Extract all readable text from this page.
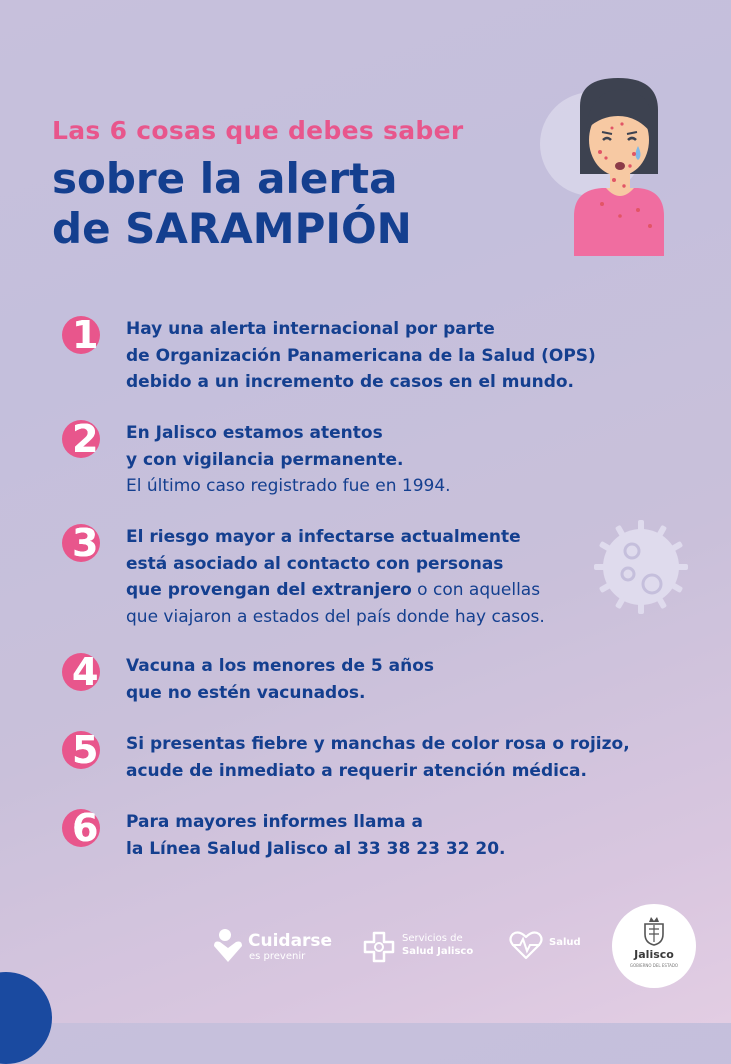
Las 6 cosas que debes saber

sobre la alerta
de SARAMPIÓN
1 Hay una alerta internacional por parte
de Organización Panamericana de la Salud (OPS)
debido a un incremento de casos en el mundo.
2 En Jalisco estamos atentos
y con vigilancia permanente.
El último caso registrado fue en 1994.
3 El riesgo mayor a infectarse actualmente
está asociado al contacto con personas
que provengan del extranjero o con aquellas
que viajaron a estados del país donde hay casos.
4 Vacuna a los menores de 5 años
que no estén vacunados.
5 Si presentas fiebre y manchas de color rosa o rojizo,
acude de inmediato a requerir atención médica.
6 Para mayores informes llama a
la Línea Salud Jalisco al 33 38 23 32 20.
Cuidarse
es prevenir
Servicios de
Salud Jalisco
Salud
Jalisco
GOBIERNO DEL ESTADO
